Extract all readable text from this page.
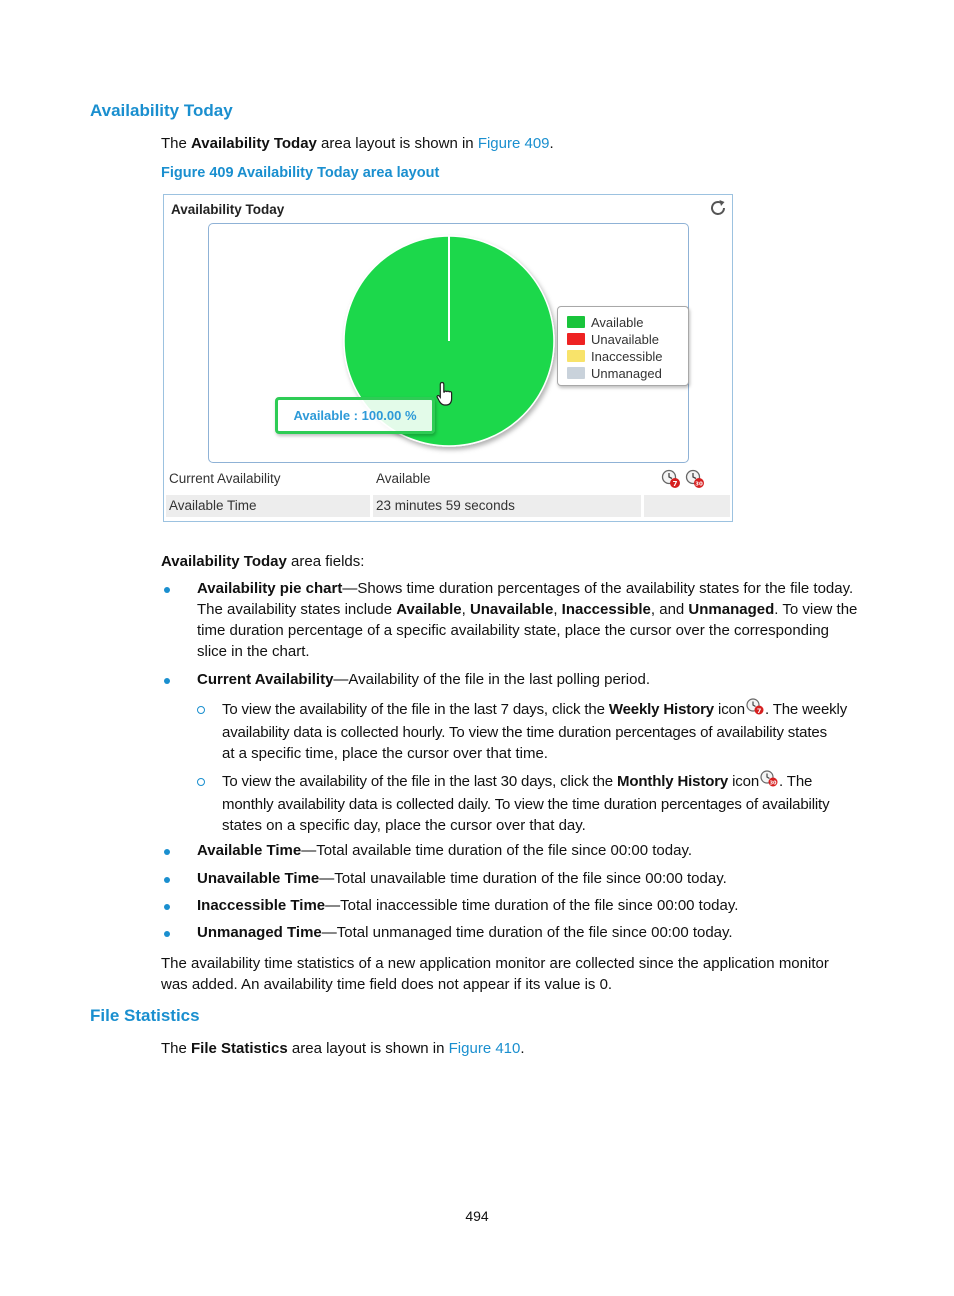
Availability Today
The Availability Today area layout is shown in Figure 409.
Figure 409 Availability Today area layout
Availability Today
Available : 100.00 %
Available
Unavailable
Inaccessible
Unmanaged
Current Availability	Available	7	30
Available Time	23 minutes 59 seconds
Availability Today area fields:
Availability pie chart—Shows time duration percentages of the availability states for the file today.
The availability states include Available, Unavailable, Inaccessible, and Unmanaged. To view the
time duration percentage of a specific availability state, place the cursor over the corresponding
slice in the chart.
Current Availability—Availability of the file in the last polling period.
To view the availability of the file in the last 7 days, click the Weekly History icon 7 . The weekly
availability data is collected hourly. To view the time duration percentages of availability states
at a specific time, place the cursor over that time.
To view the availability of the file in the last 30 days, click the Monthly History icon 30 . The
monthly availability data is collected daily. To view the time duration percentages of availability
states on a specific day, place the cursor over that day.
Available Time—Total available time duration of the file since 00:00 today.
Unavailable Time—Total unavailable time duration of the file since 00:00 today.
Inaccessible Time—Total inaccessible time duration of the file since 00:00 today.
Unmanaged Time—Total unmanaged time duration of the file since 00:00 today.
The availability time statistics of a new application monitor are collected since the application monitor
was added. An availability time field does not appear if its value is 0.
File Statistics
The File Statistics area layout is shown in Figure 410.
494
